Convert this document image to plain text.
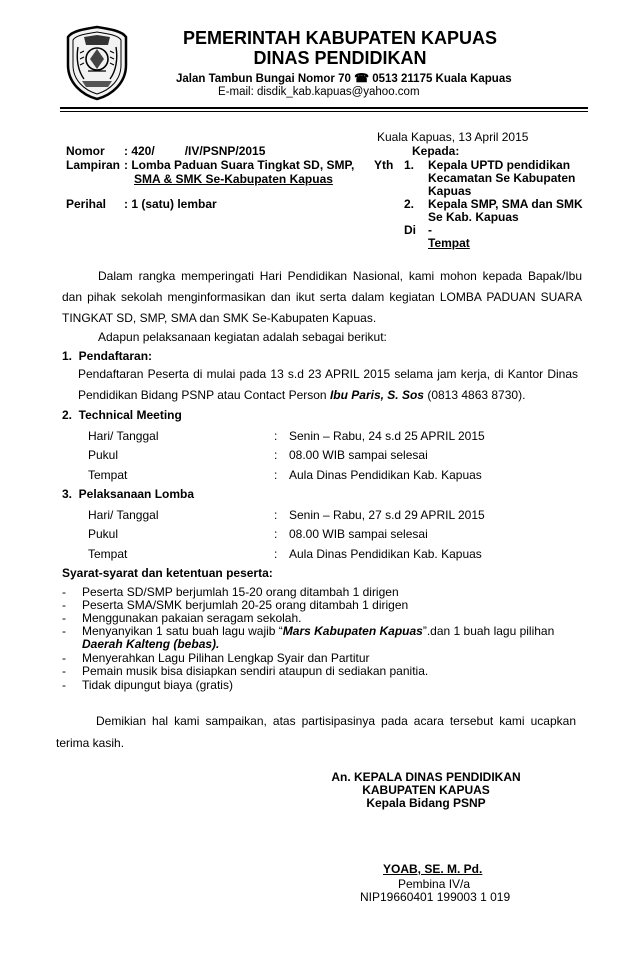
PEMERINTAH KABUPATEN KAPUAS
DINAS PENDIDIKAN
Jalan Tambun Bungai Nomor 70 ☎ 0513 21175 Kuala Kapuas
E-mail: disdik_kab.kapuas@yahoo.com
Kuala Kapuas, 13 April 2015
Nomor : 420/         /IV/PSNP/2015
Lampiran : Lomba Paduan Suara Tingkat SD, SMP,
SMA & SMK Se-Kabupaten Kapuas
Perihal : 1 (satu) lembar
Kepada:
Yth 1. Kepala UPTD pendidikan
Kecamatan Se Kabupaten
Kapuas
2. Kepala SMP, SMA dan SMK
Se Kab. Kapuas
Di -
Tempat
Dalam rangka memperingati Hari Pendidikan Nasional, kami mohon kepada Bapak/Ibu dan pihak sekolah menginformasikan dan ikut serta dalam kegiatan LOMBA PADUAN SUARA TINGKAT SD, SMP, SMA dan SMK Se-Kabupaten Kapuas.
Adapun pelaksanaan kegiatan adalah sebagai berikut:
1.  Pendaftaran:
Pendaftaran Peserta di mulai pada 13 s.d 23 APRIL 2015 selama jam kerja, di Kantor Dinas Pendidikan Bidang PSNP atau Contact Person Ibu Paris, S. Sos (0813 4863 8730).
2.  Technical Meeting
Hari/ Tanggal	: Senin – Rabu, 24 s.d 25 APRIL 2015
Pukul	: 08.00 WIB sampai selesai
Tempat	: Aula Dinas Pendidikan Kab. Kapuas
3.  Pelaksanaan Lomba
Hari/ Tanggal	: Senin – Rabu, 27 s.d 29 APRIL 2015
Pukul	: 08.00 WIB sampai selesai
Tempat	: Aula Dinas Pendidikan Kab. Kapuas
Syarat-syarat dan ketentuan peserta:
- Peserta SD/SMP berjumlah 15-20 orang ditambah 1 dirigen
- Peserta SMA/SMK berjumlah 20-25 orang ditambah 1 dirigen
- Menggunakan pakaian seragam sekolah.
- Menyanyikan 1 satu buah lagu wajib “Mars Kabupaten Kapuas”.dan 1 buah lagu pilihan Daerah Kalteng (bebas).
- Menyerahkan Lagu Pilihan Lengkap Syair dan Partitur
- Pemain musik bisa disiapkan sendiri ataupun di sediakan panitia.
- Tidak dipungut biaya (gratis)
Demikian hal kami sampaikan, atas partisipasinya pada acara tersebut kami ucapkan terima kasih.
An. KEPALA DINAS PENDIDIKAN
KABUPATEN KAPUAS
Kepala Bidang PSNP
YOAB, SE. M. Pd.
Pembina IV/a
NIP19660401 199003 1 019
